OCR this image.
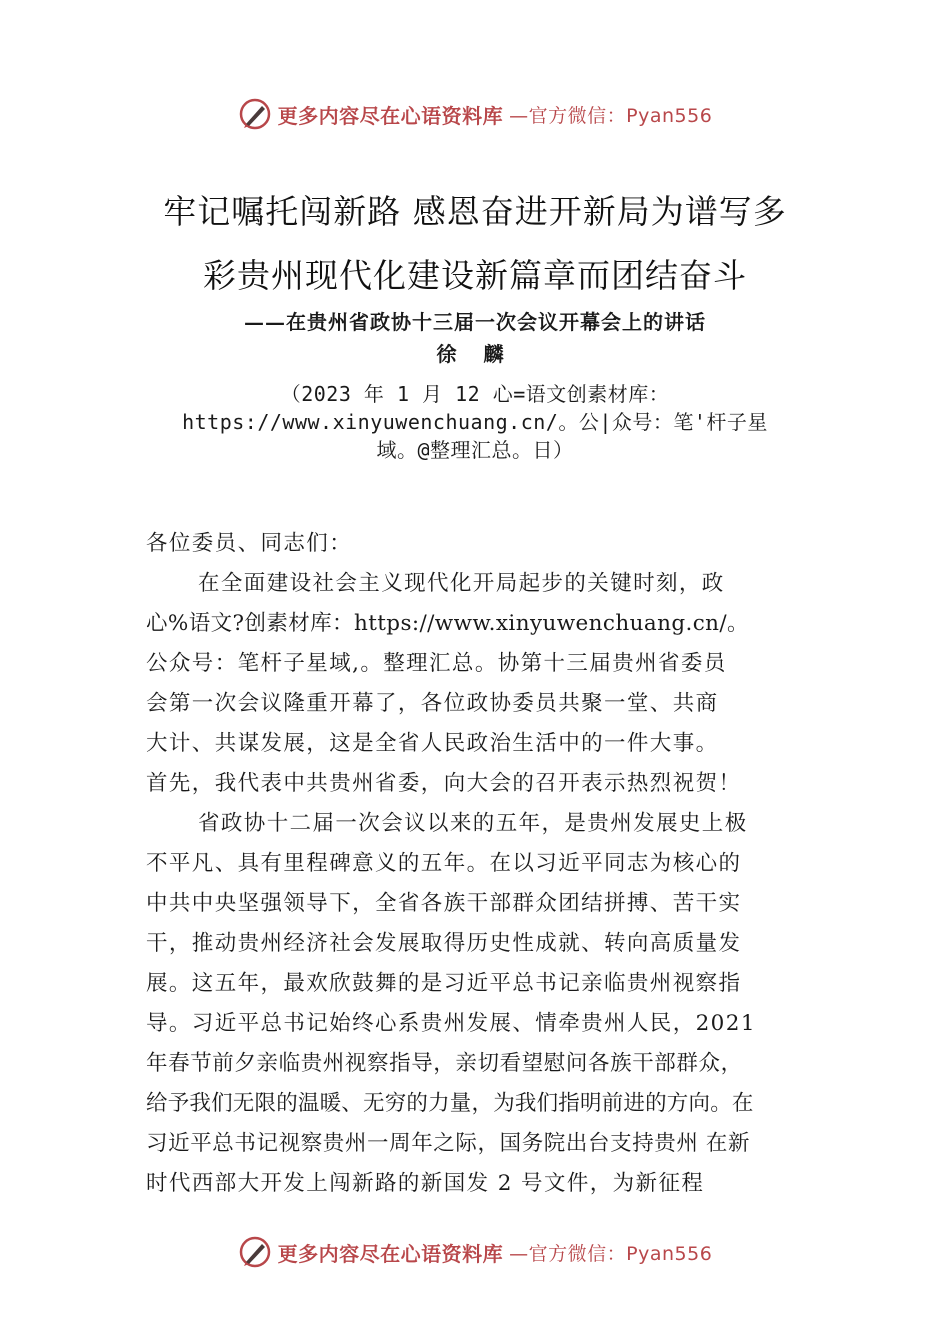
更多内容尽在心语资料库 —官方微信：Pyan556
牢记嘱托闯新路 感恩奋进开新局为谱写多
彩贵州现代化建设新篇章而团结奋斗
——在贵州省政协十三届一次会议开幕会上的讲话
徐 麟
（2023 年 1 月 12 心=语文创素材库：
https://www.xinyuwenchuang.cn/。公|众号：笔'杆子星
域。@整理汇总。日）
各位委员、同志们：
在全面建设社会主义现代化开局起步的关键时刻，政
心%语文?创素材库：https://www.xinyuwenchuang.cn/。
公众号：笔杆子星域,。整理汇总。协第十三届贵州省委员
会第一次会议隆重开幕了，各位政协委员共聚一堂、共商
大计、共谋发展，这是全省人民政治生活中的一件大事。
首先，我代表中共贵州省委，向大会的召开表示热烈祝贺！
省政协十二届一次会议以来的五年，是贵州发展史上极
不平凡、具有里程碑意义的五年。在以习近平同志为核心的
中共中央坚强领导下，全省各族干部群众团结拼搏、苦干实
干，推动贵州经济社会发展取得历史性成就、转向高质量发
展。这五年，最欢欣鼓舞的是习近平总书记亲临贵州视察指
导。习近平总书记始终心系贵州发展、情牵贵州人民，2021
年春节前夕亲临贵州视察指导，亲切看望慰问各族干部群众，
给予我们无限的温暖、无穷的力量，为我们指明前进的方向。在
习近平总书记视察贵州一周年之际，国务院出台支持贵州 在新
时代西部大开发上闯新路的新国发 2 号文件，为新征程
更多内容尽在心语资料库 —官方微信：Pyan556
